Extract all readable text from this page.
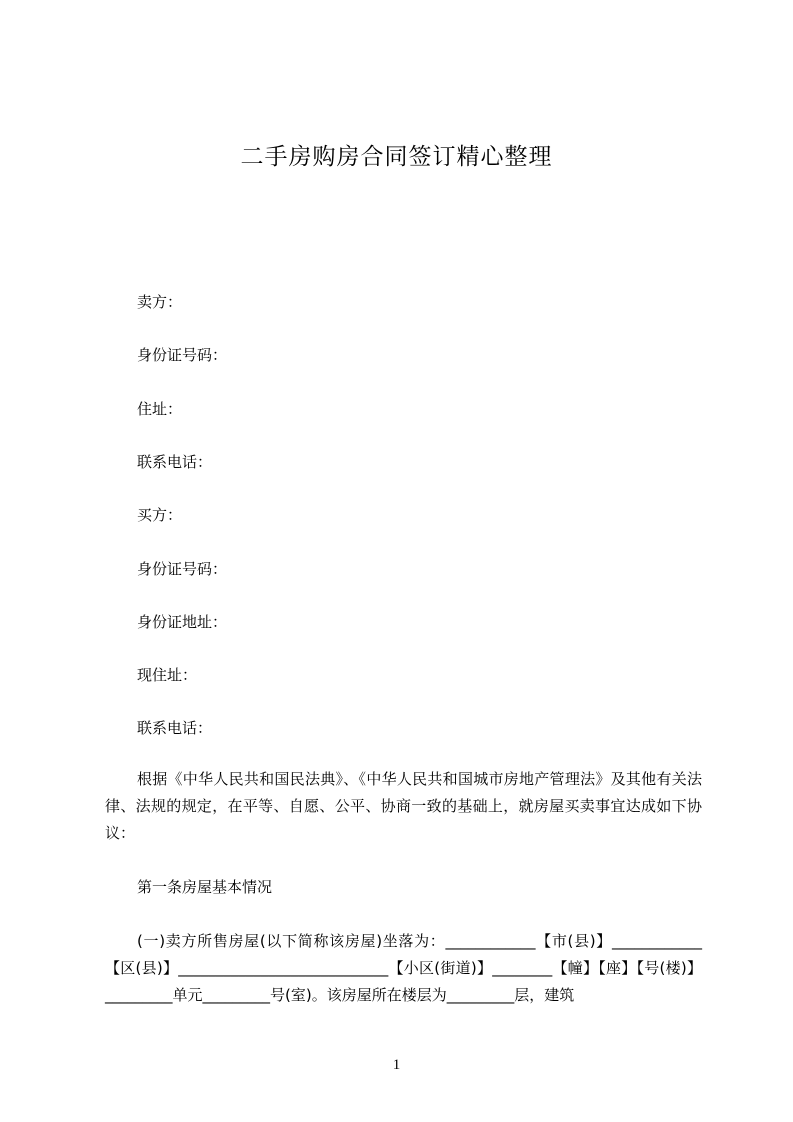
二手房购房合同签订精心整理
卖方：
身份证号码：
住址：
联系电话：
买方：
身份证号码：
身份证地址：
现住址：
联系电话：
根据《中华人民共和国民法典》、《中华人民共和国城市房地产管理法》及其他有关法律、法规的规定，在平等、自愿、公平、协商一致的基础上，就房屋买卖事宜达成如下协议：
第一条房屋基本情况
(一)卖方所售房屋(以下简称该房屋)坐落为：____________【市(县)】____________【区(县)】____________________________【小区(街道)】________【幢】【座】【号(楼)】_________单元_________号(室)。该房屋所在楼层为_________层，建筑
1
